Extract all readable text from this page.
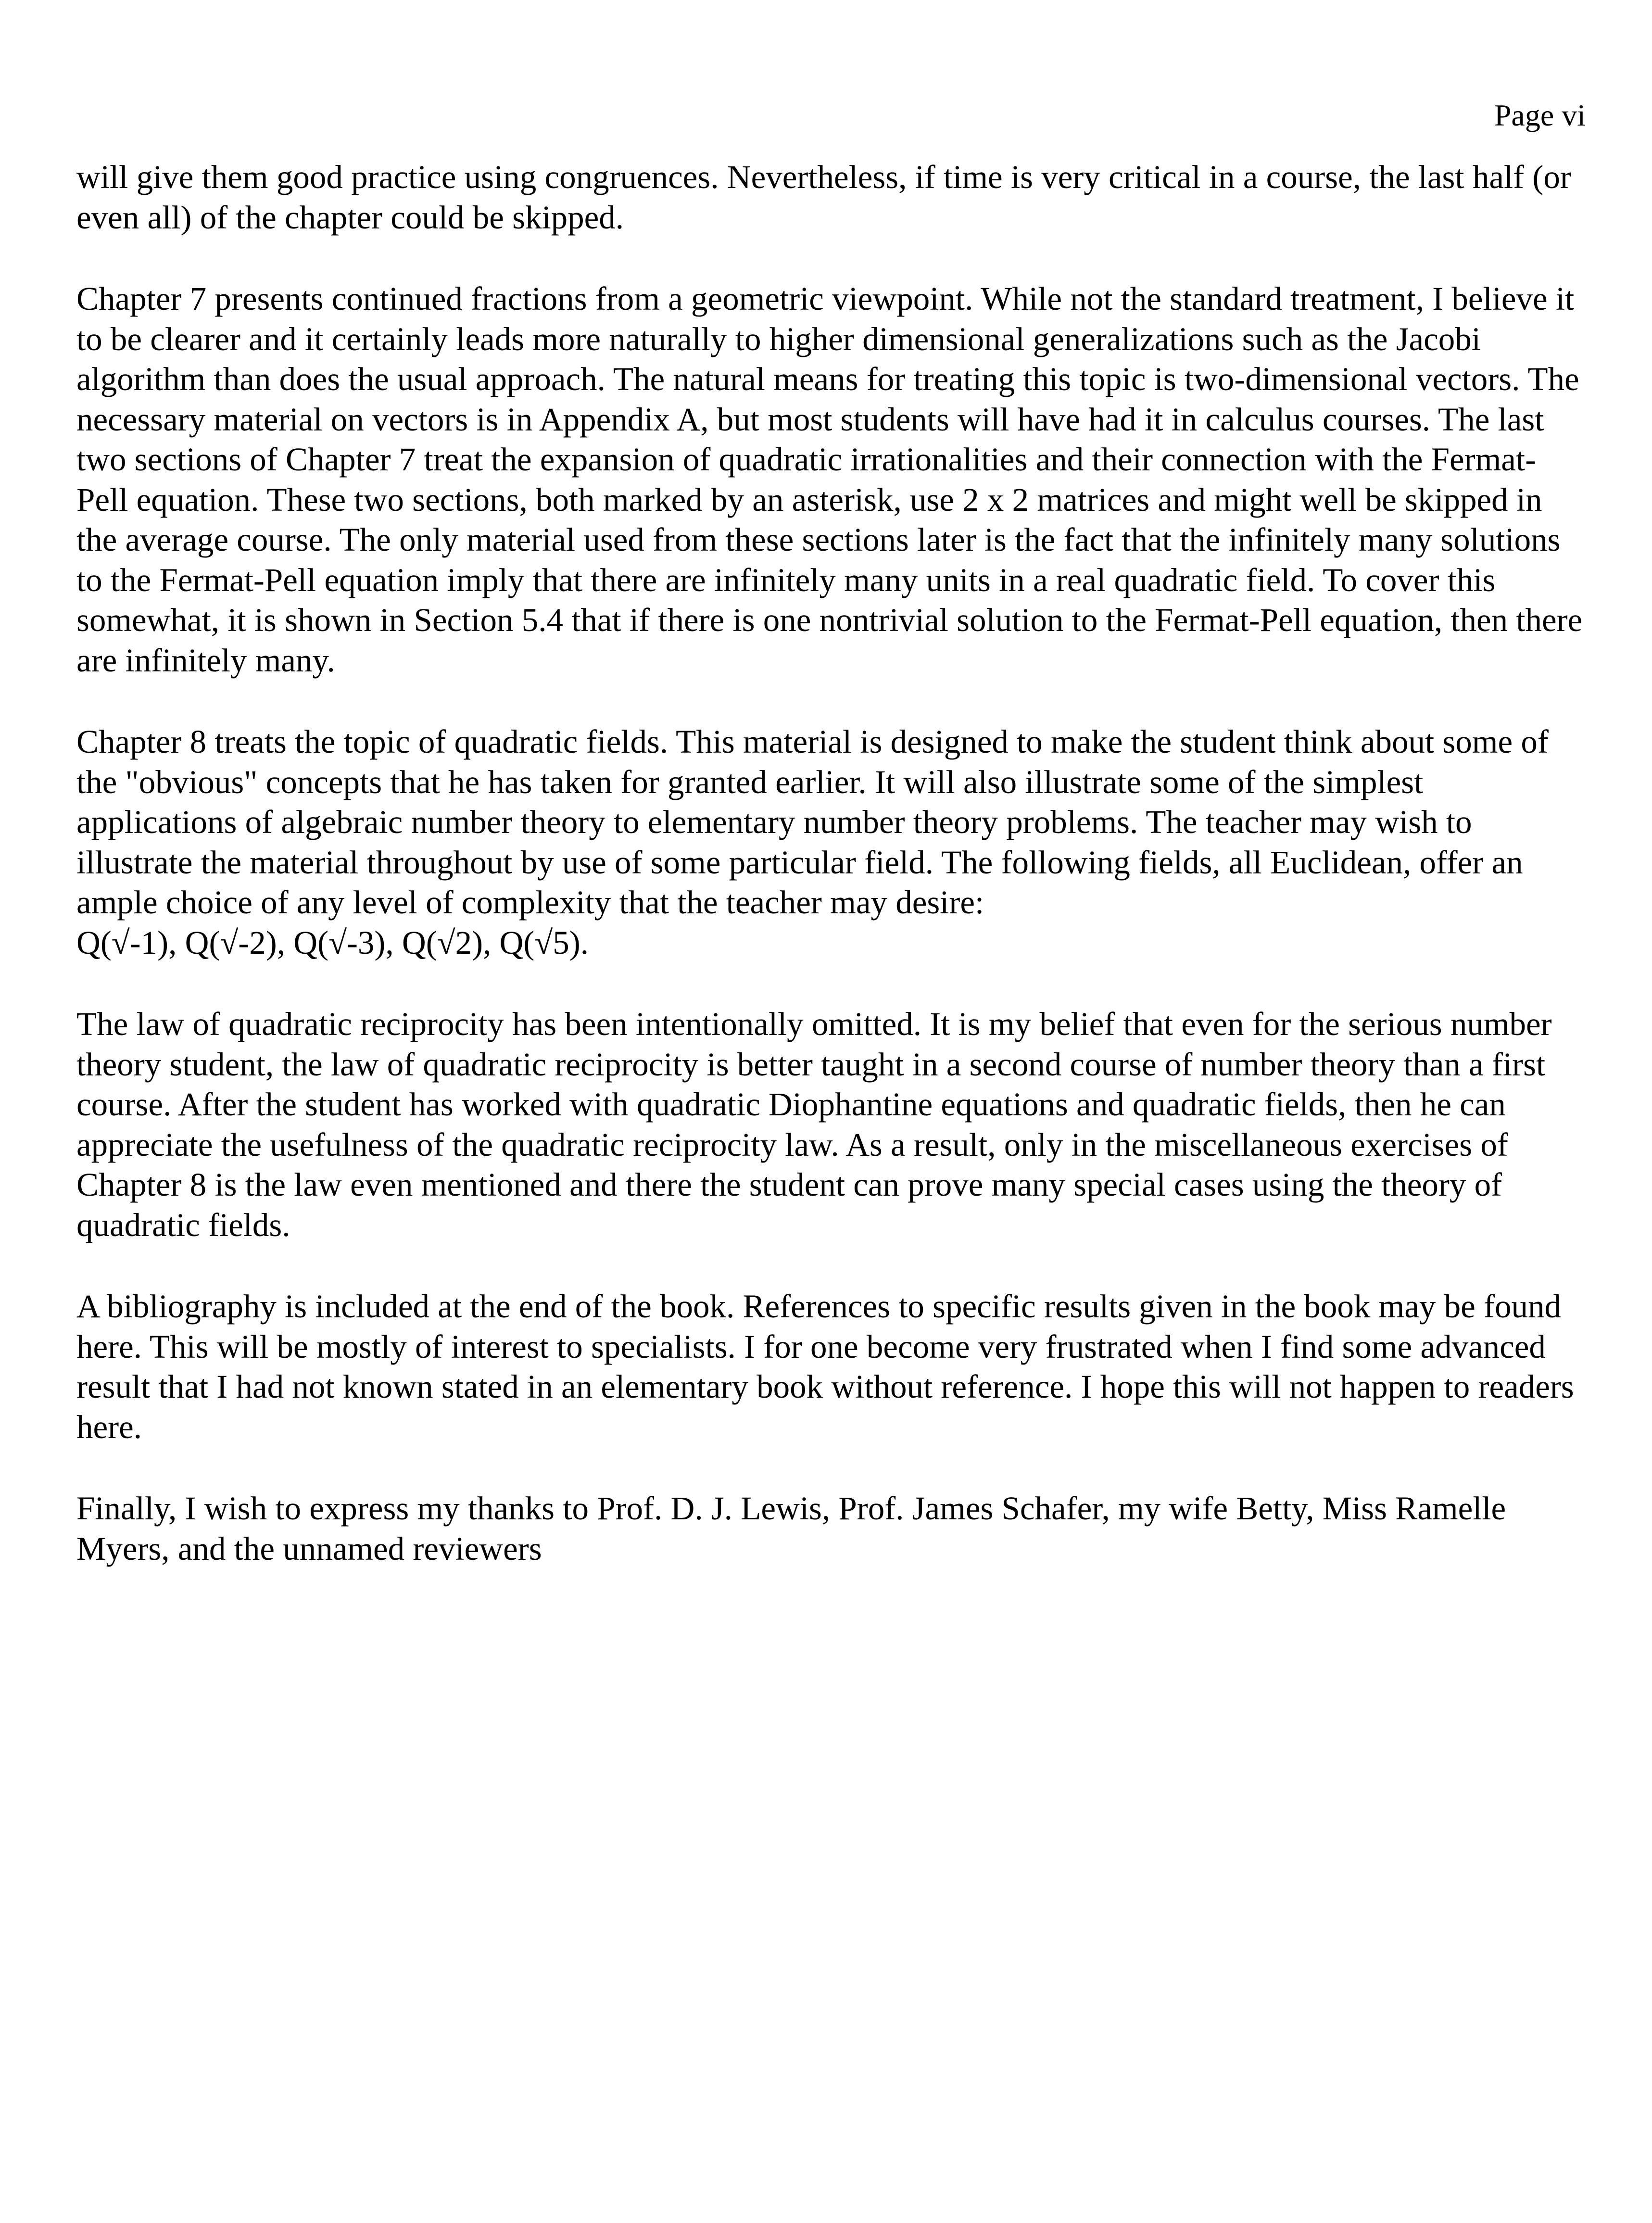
Page vi

will give them good practice using congruences. Nevertheless, if time is very critical in a course, the last half (or even all) of the chapter could be skipped.

Chapter 7 presents continued fractions from a geometric viewpoint. While not the standard treatment, I believe it to be clearer and it certainly leads more naturally to higher dimensional generalizations such as the Jacobi algorithm than does the usual approach. The natural means for treating this topic is two-dimensional vectors. The necessary material on vectors is in Appendix A, but most students will have had it in calculus courses. The last two sections of Chapter 7 treat the expansion of quadratic irrationalities and their connection with the Fermat-Pell equation. These two sections, both marked by an asterisk, use 2 x 2 matrices and might well be skipped in the average course. The only material used from these sections later is the fact that the infinitely many solutions to the Fermat-Pell equation imply that there are infinitely many units in a real quadratic field. To cover this somewhat, it is shown in Section 5.4 that if there is one nontrivial solution to the Fermat-Pell equation, then there are infinitely many.

Chapter 8 treats the topic of quadratic fields. This material is designed to make the student think about some of the "obvious" concepts that he has taken for granted earlier. It will also illustrate some of the simplest applications of algebraic number theory to elementary number theory problems. The teacher may wish to illustrate the material throughout by use of some particular field. The following fields, all Euclidean, offer an ample choice of any level of complexity that the teacher may desire:
Q(√-1), Q(√-2), Q(√-3), Q(√2), Q(√5).

The law of quadratic reciprocity has been intentionally omitted. It is my belief that even for the serious number theory student, the law of quadratic reciprocity is better taught in a second course of number theory than a first course. After the student has worked with quadratic Diophantine equations and quadratic fields, then he can appreciate the usefulness of the quadratic reciprocity law. As a result, only in the miscellaneous exercises of Chapter 8 is the law even mentioned and there the student can prove many special cases using the theory of quadratic fields.

A bibliography is included at the end of the book. References to specific results given in the book may be found here. This will be mostly of interest to specialists. I for one become very frustrated when I find some advanced result that I had not known stated in an elementary book without reference. I hope this will not happen to readers here.

Finally, I wish to express my thanks to Prof. D. J. Lewis, Prof. James Schafer, my wife Betty, Miss Ramelle Myers, and the unnamed reviewers
